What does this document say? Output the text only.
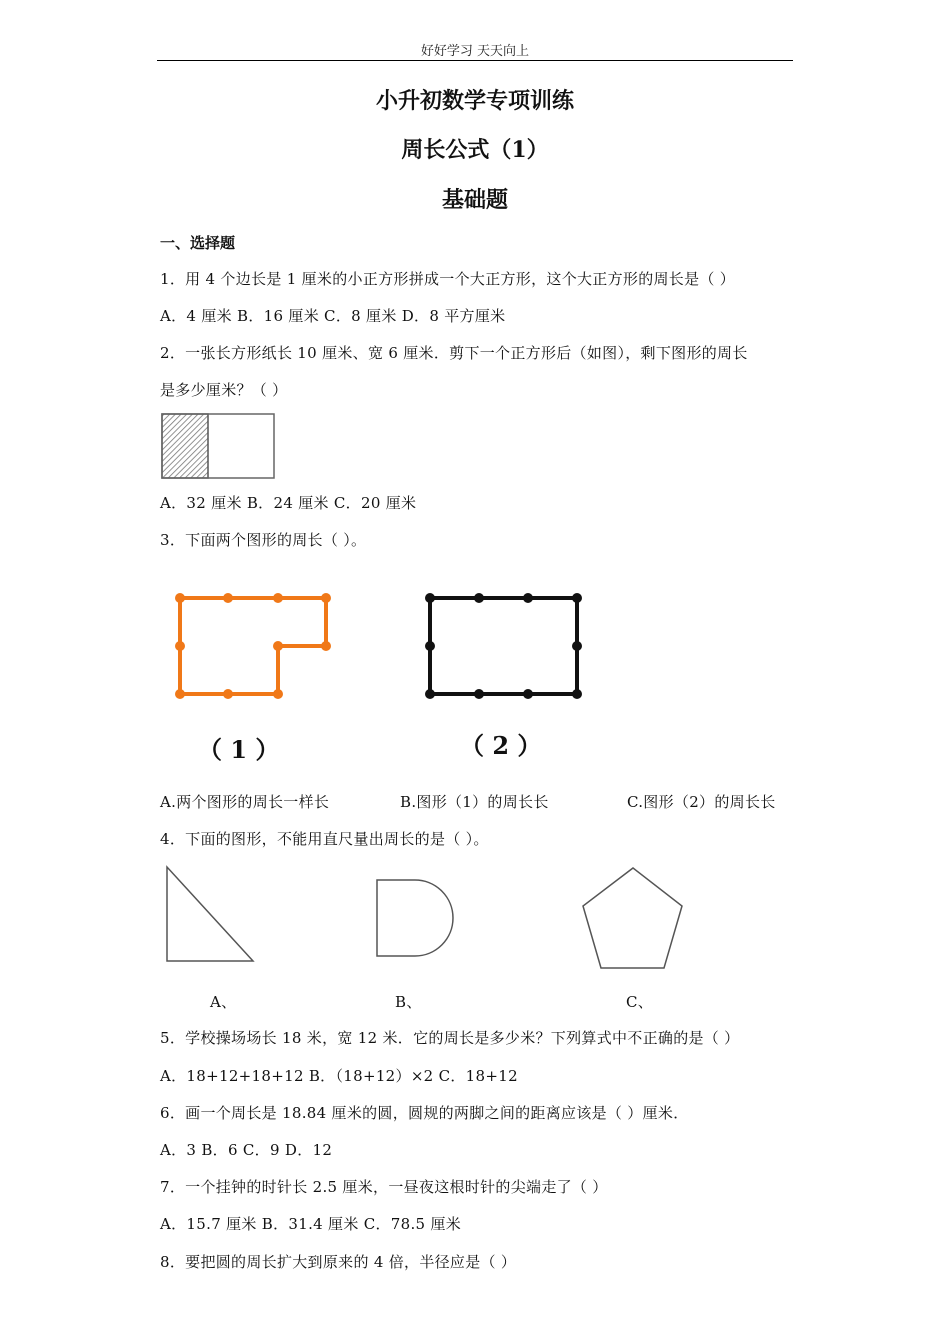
好好学习 天天向上
小升初数学专项训练
周长公式（1）
基础题
一、选择题
1．用 4 个边长是 1 厘米的小正方形拼成一个大正方形，这个大正方形的周长是（ ）
A．4 厘米 B．16 厘米 C．8 厘米 D．8 平方厘米
2．一张长方形纸长 10 厘米、宽 6 厘米．剪下一个正方形后（如图），剩下图形的周长
是多少厘米？（ ）
A．32 厘米 B．24 厘米 C．20 厘米
3．下面两个图形的周长（ ）。
（ 1 ）	（ 2 ）
A.两个图形的周长一样长	B.图形（1）的周长长	C.图形（2）的周长长
4．下面的图形，不能用直尺量出周长的是（ ）。
A、	B、	C、
5．学校操场场长 18 米，宽 12 米．它的周长是多少米？下列算式中不正确的是（ ）
A．18+12+18+12 B．（18+12）×2 C．18+12
6．画一个周长是 18.84 厘米的圆，圆规的两脚之间的距离应该是（ ）厘米．
A．3 B．6 C．9 D．12
7．一个挂钟的时针长 2.5 厘米，一昼夜这根时针的尖端走了（ ）
A．15.7 厘米 B．31.4 厘米 C．78.5 厘米
8．要把圆的周长扩大到原来的 4 倍，半径应是（ ）
